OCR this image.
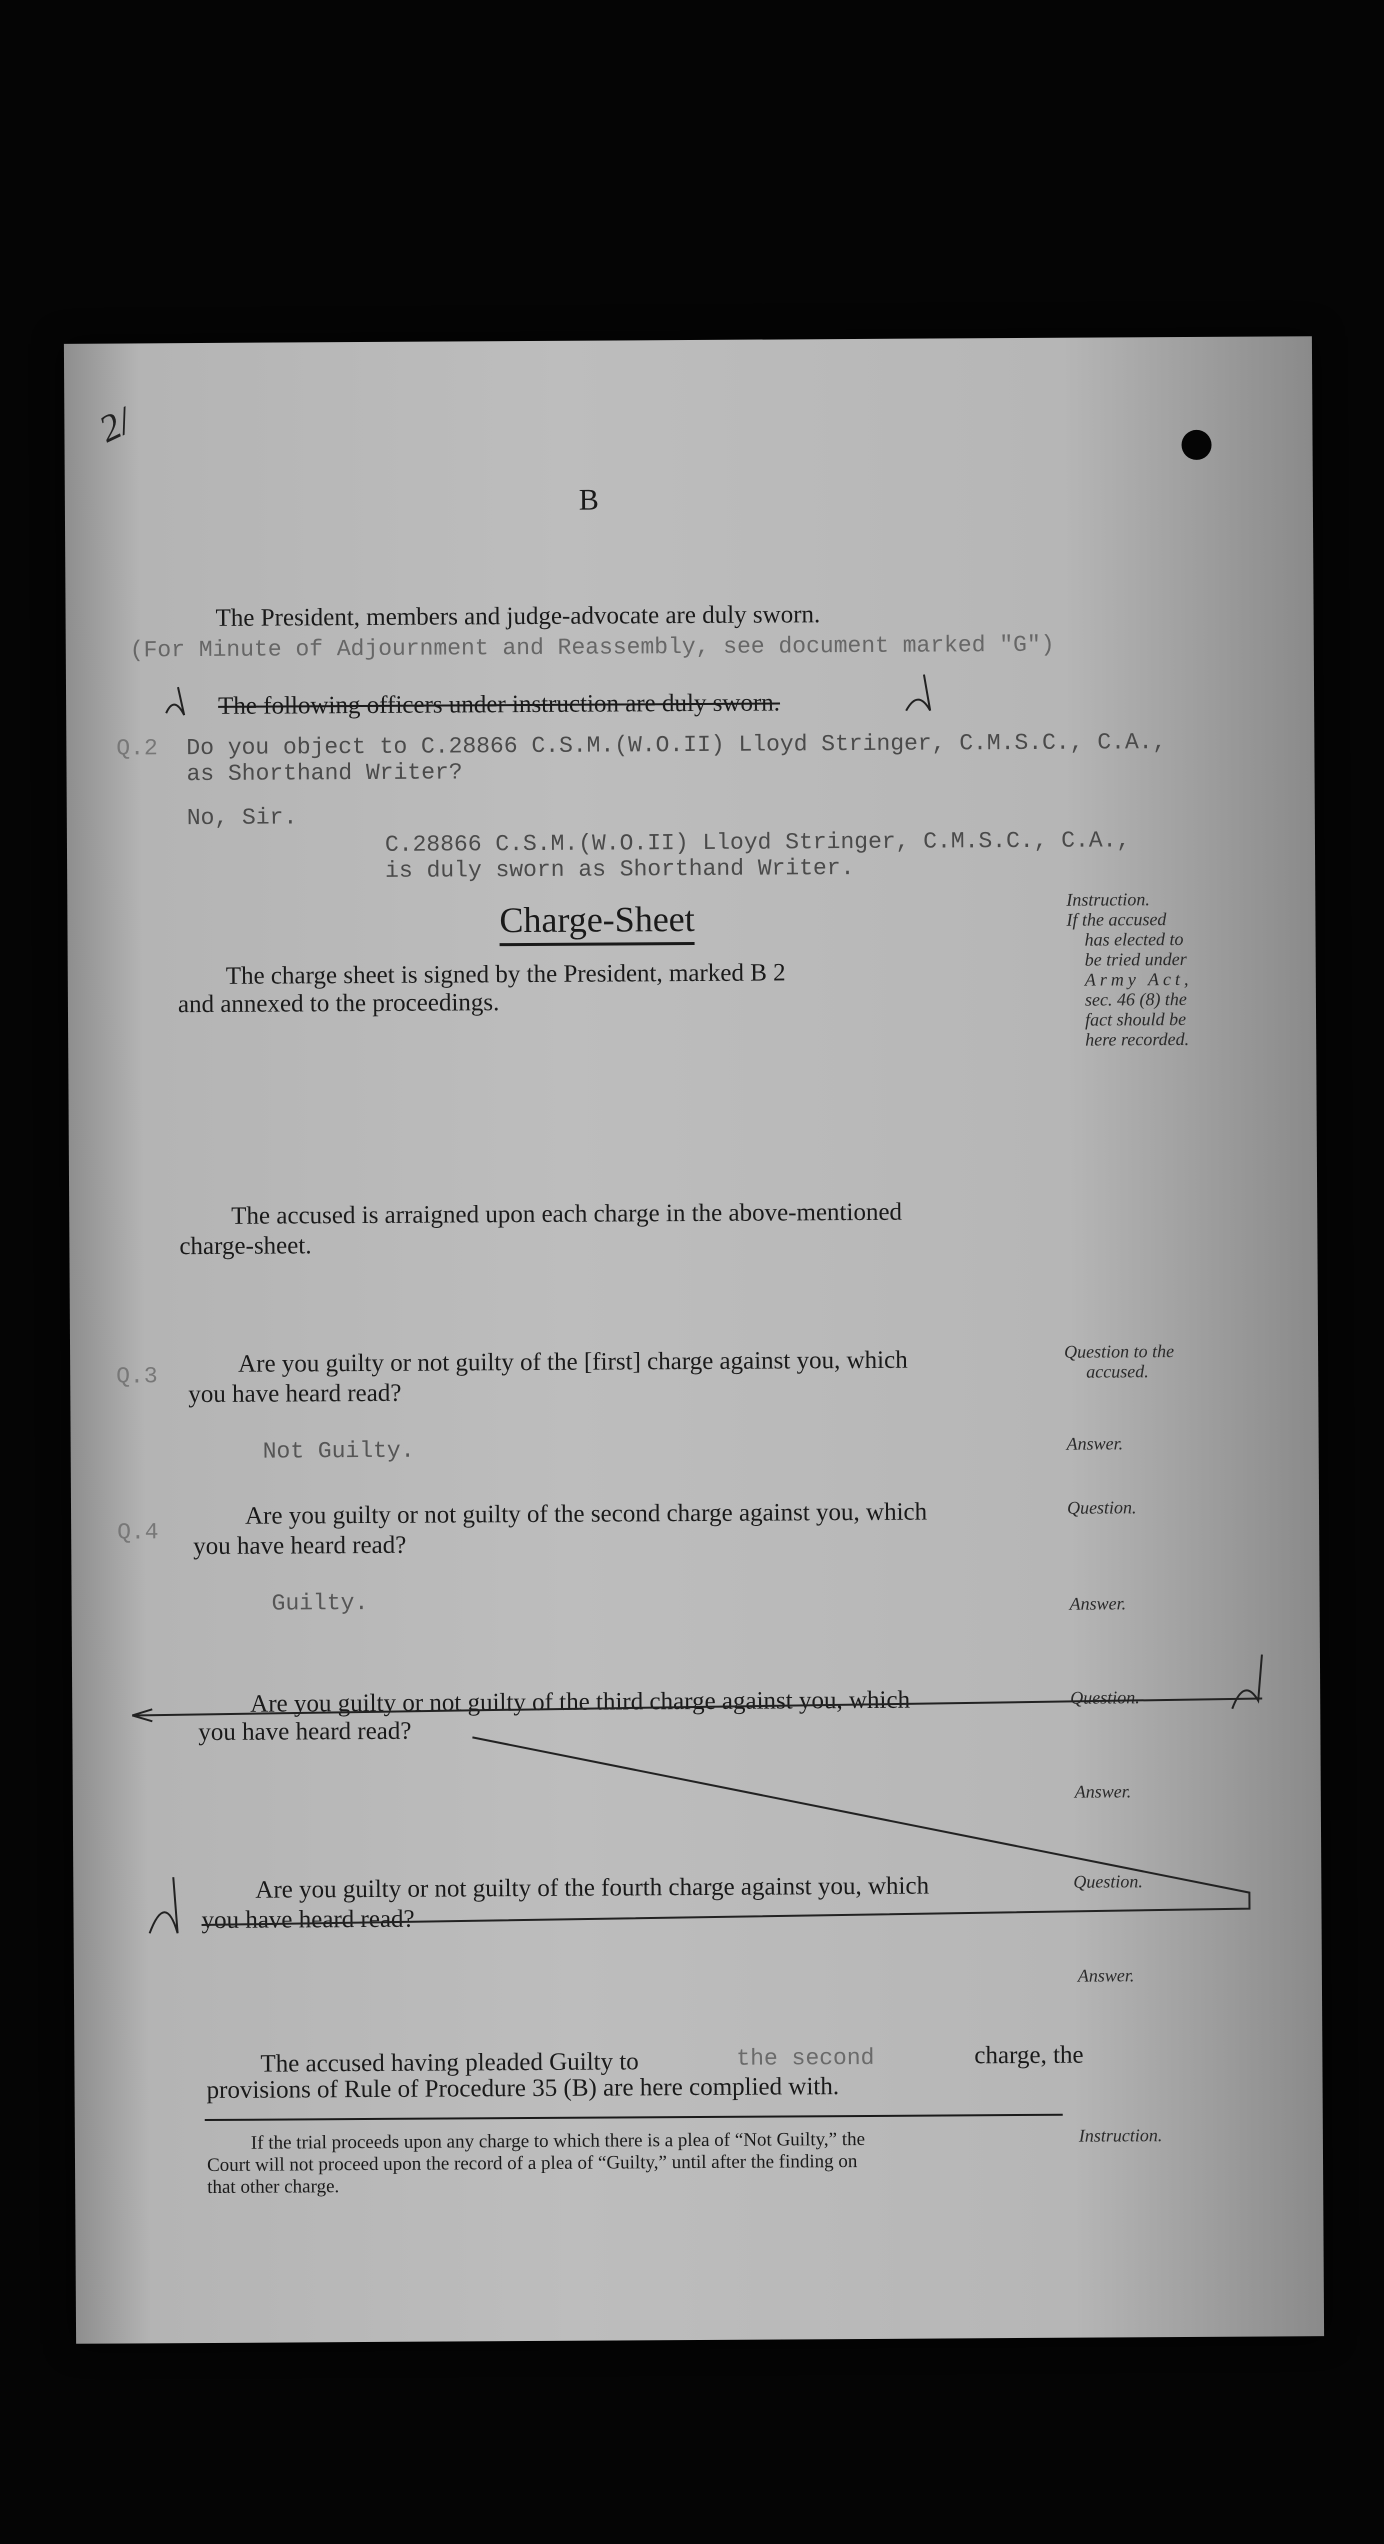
2/
B
The President, members and judge-advocate are duly sworn.
(For Minute of Adjournment and Reassembly, see document marked "G")
The following officers under instruction are duly sworn.
Q.2 Do you object to C.28866 C.S.M.(W.O.II) Lloyd Stringer, C.M.S.C., C.A.,
as Shorthand Writer?
No, Sir.
C.28866 C.S.M.(W.O.II) Lloyd Stringer, C.M.S.C., C.A.,
is duly sworn as Shorthand Writer.
Charge-Sheet	Instruction.
If the accused
has elected to
be tried under
Army Act,
sec. 46 (8) the
fact should be
here recorded.
The charge sheet is signed by the President, marked B 2
and annexed to the proceedings.
The accused is arraigned upon each charge in the above-mentioned
charge-sheet.
Q.3	Are you guilty or not guilty of the [first] charge against you, which
you have heard read?
Not Guilty.
Question to the
accused.
Answer.
Q.4
Are you guilty or not guilty of the second charge against you, which
you have heard read?
Guilty.
Question.
Answer.
Are you guilty or not guilty of the third charge against you, which
you have heard read?
Question.
Answer.
Are you guilty or not guilty of the fourth charge against you, which
you have heard read?
Question.
Answer.
The accused having pleaded Guilty to	the second	charge, the
provisions of Rule of Procedure 35 (B) are here complied with.
If the trial proceeds upon any charge to which there is a plea of “Not Guilty,” the
Court will not proceed upon the record of a plea of “Guilty,” until after the finding on
that other charge.
Instruction.
